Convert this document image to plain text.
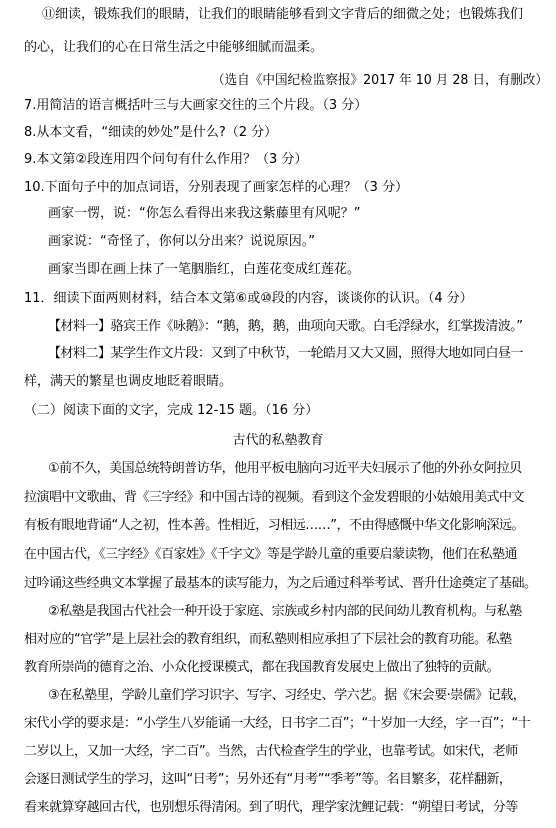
⑪细读，锻炼我们的眼睛，让我们的眼睛能够看到文字背后的细微之处；也锻炼我们
的心，让我们的心在日常生活之中能够细腻而温柔。
（选自《中国纪检监察报》2017 年 10 月 28 日，有删改）
7.用简洁的语言概括叶三与大画家交往的三个片段。（3 分）
8.从本文看，“细读的妙处”是什么?（2 分）
9.本文第②段连用四个问句有什么作用？（3 分）
10.下面句子中的加点词语，分别表现了画家怎样的心理？（3 分）
画家一愣，说：“你怎么看得出来我这紫藤里有风呢？”
画家说：“奇怪了，你何以分出来？说说原因。”
画家当即在画上抹了一笔胭脂红，白莲花变成红莲花。
11．细读下面两则材料，结合本文第⑥或⑩段的内容，谈谈你的认识。（4 分）
【材料一】骆宾王作《咏鹅》：“鹅，鹅，鹅，曲项向天歌。白毛浮绿水，红掌拨清波。”
【材料二】某学生作文片段：又到了中秋节，一轮皓月又大又圆，照得大地如同白昼一
样，满天的繁星也调皮地眨着眼睛。
（二）阅读下面的文字，完成 12-15 题。（16 分）
古代的私塾教育
①前不久，美国总统特朗普访华，他用平板电脑向习近平夫妇展示了他的外孙女阿拉贝
拉演唱中文歌曲、背《三字经》和中国古诗的视频。看到这个金发碧眼的小姑娘用美式中文
有板有眼地背诵“人之初，性本善。性相近，习相远……”，不由得感慨中华文化影响深远。
在中国古代，《三字经》《百家姓》《千字文》等是学龄儿童的重要启蒙读物，他们在私塾通
过吟诵这些经典文本掌握了最基本的读写能力，为之后通过科举考试、晋升仕途奠定了基础。
②私塾是我国古代社会一种开设于家庭、宗族或乡村内部的民间幼儿教育机构。与私塾
相对应的“官学”是上层社会的教育组织，而私塾则相应承担了下层社会的教育功能。私塾
教育所崇尚的德育之治、小众化授课模式，都在我国教育发展史上做出了独特的贡献。
③在私塾里，学龄儿童们学习识字、写字、习经史、学六艺。据《宋会要·崇儒》记载，
宋代小学的要求是：“小学生八岁能诵一大经，日书字二百”；“十岁加一大经，字一百”；“十
二岁以上，又加一大经，字二百”。当然，古代检查学生的学业，也靠考试。如宋代，老师
会逐日测试学生的学习，这叫“日考”；另外还有“月考”“季考”等。名目繁多，花样翻新，
看来就算穿越回古代，也别想乐得清闲。到了明代，理学家沈鲤记载：“朔望日考试，分等
